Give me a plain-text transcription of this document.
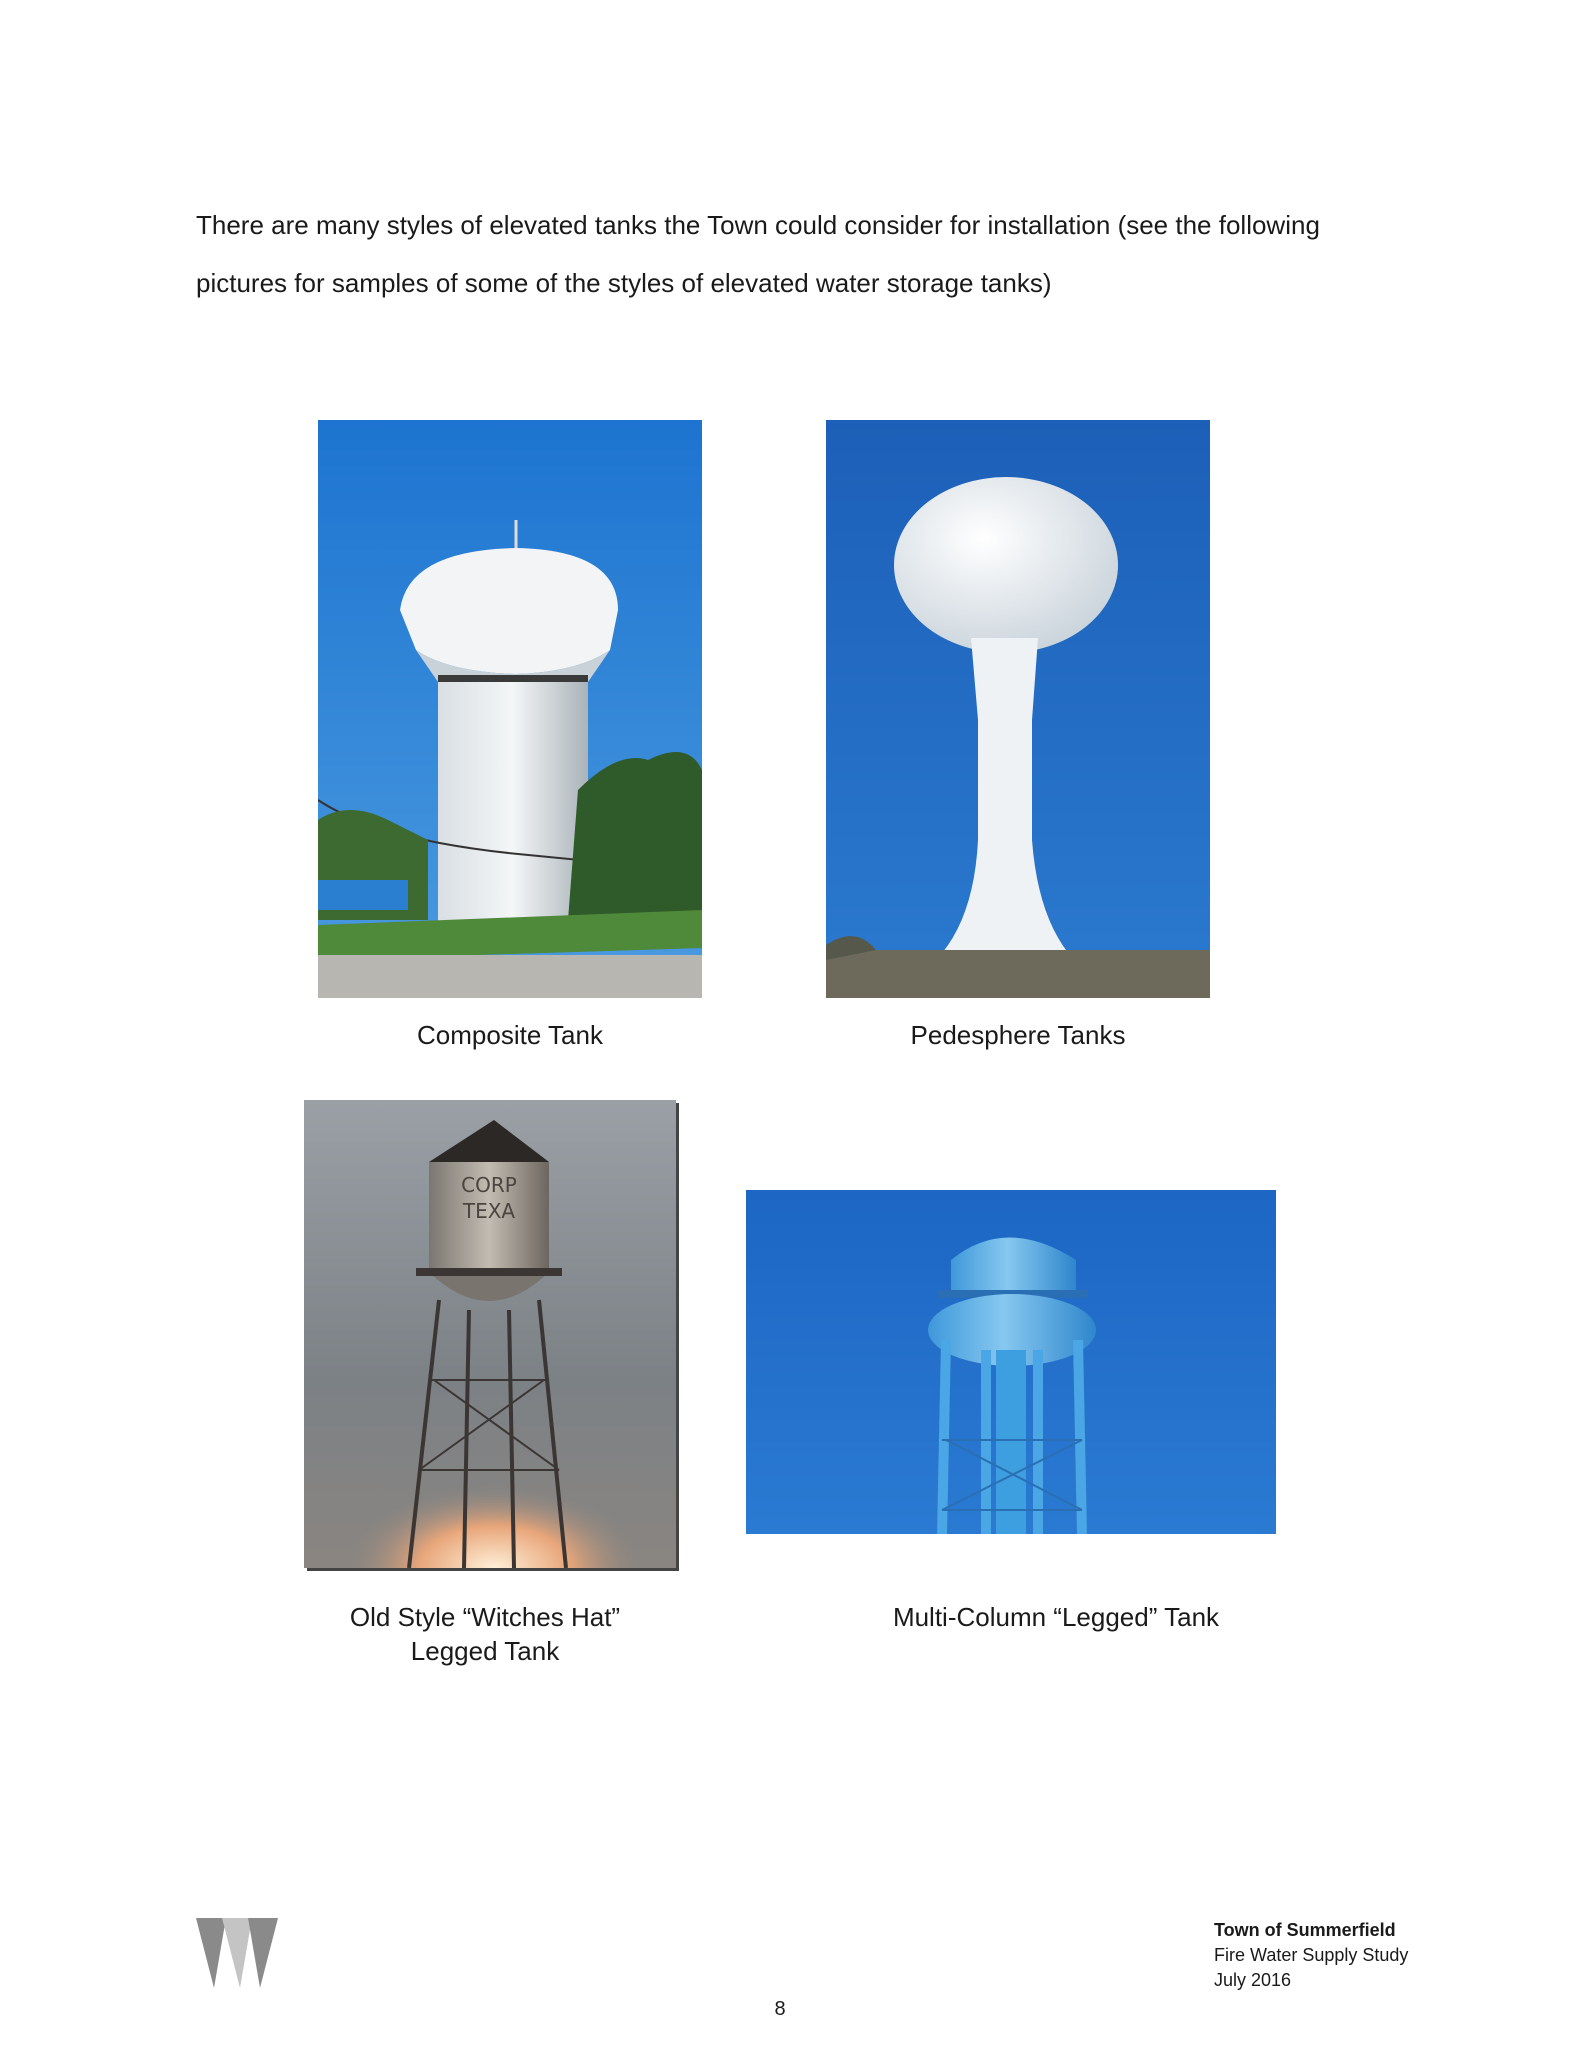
There are many styles of elevated tanks the Town could consider for installation (see the following pictures for samples of some of the styles of elevated water storage tanks)
Composite Tank	Pedesphere Tanks
CORP
TEXA
Old Style “Witches Hat”
Legged Tank
Multi-Column “Legged” Tank
8
Town of Summerfield
Fire Water Supply Study
July 2016
